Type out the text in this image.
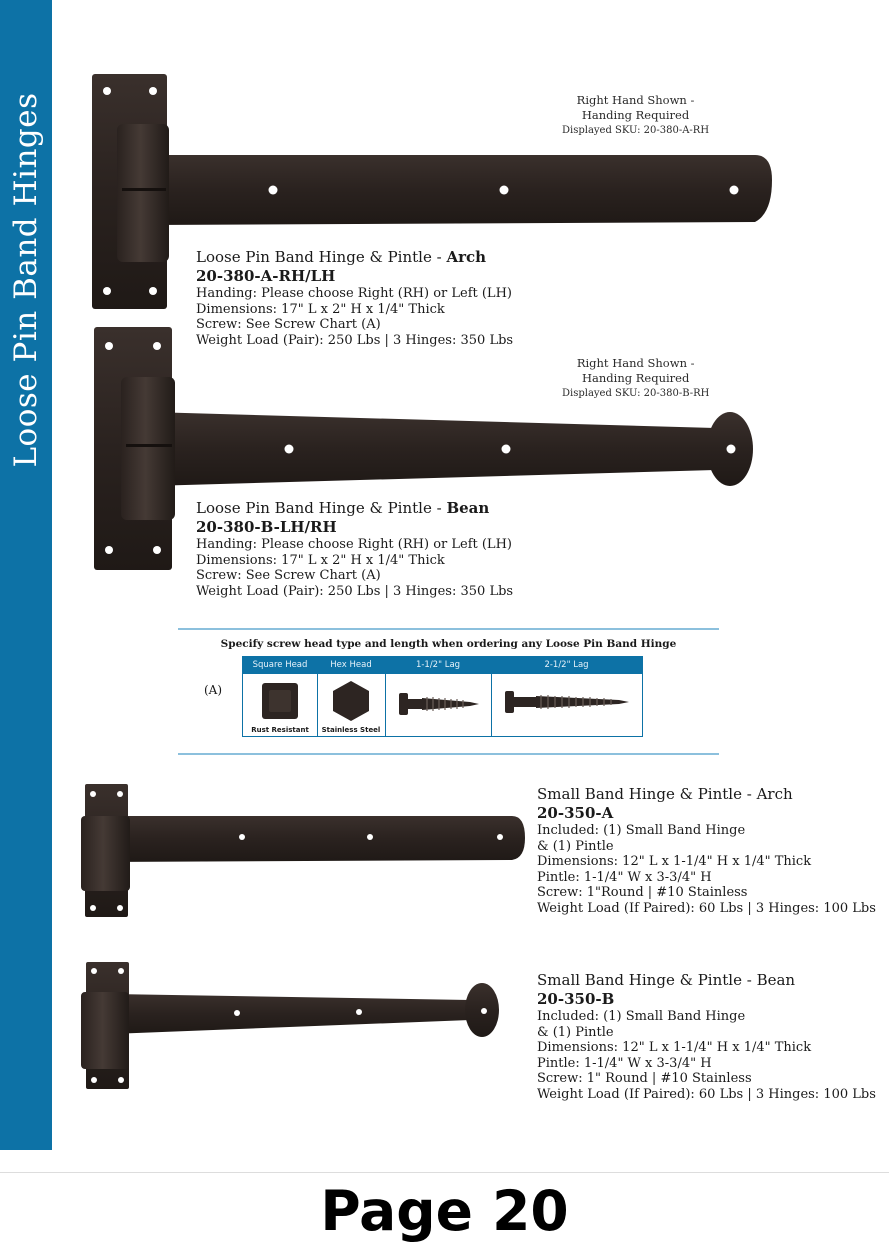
Loose Pin Band Hinges	Right Hand Shown -
Handing Required
Displayed SKU: 20-380-A-RH
Right Hand Shown -
Handing Required
Displayed SKU: 20-380-B-RH
Loose Pin Band Hinge & Pintle - Arch
20-380-A-RH/LH
Handing: Please choose Right (RH) or Left (LH)
Dimensions: 17" L x 2" H x 1/4" Thick
Screw: See Screw Chart (A)
Weight Load (Pair): 250 Lbs | 3 Hinges: 350 Lbs
Loose Pin Band Hinge & Pintle - Bean
20-380-B-LH/RH
Handing: Please choose Right (RH) or Left (LH)
Dimensions: 17" L x 2" H x 1/4" Thick
Screw: See Screw Chart (A)
Weight Load (Pair): 250 Lbs | 3 Hinges: 350 Lbs
Specify screw head type and length when ordering any Loose Pin Band Hinge
(A)
Square Head
Rust Resistant
Hex Head
Stainless Steel
1-1/2" Lag	2-1/2" Lag
Small Band Hinge & Pintle - Arch
20-350-A
Included: (1) Small Band Hinge
& (1) Pintle
Dimensions: 12" L x 1-1/4" H x 1/4" Thick
Pintle: 1-1/4" W x 3-3/4" H
Screw: 1"Round | #10 Stainless
Weight Load (If Paired): 60 Lbs | 3 Hinges: 100 Lbs
Small Band Hinge & Pintle - Bean
20-350-B
Included: (1) Small Band Hinge
& (1) Pintle
Dimensions: 12" L x 1-1/4" H x 1/4" Thick
Pintle: 1-1/4" W x 3-3/4" H
Screw: 1" Round | #10 Stainless
Weight Load (If Paired): 60 Lbs | 3 Hinges: 100 Lbs
Page 20
